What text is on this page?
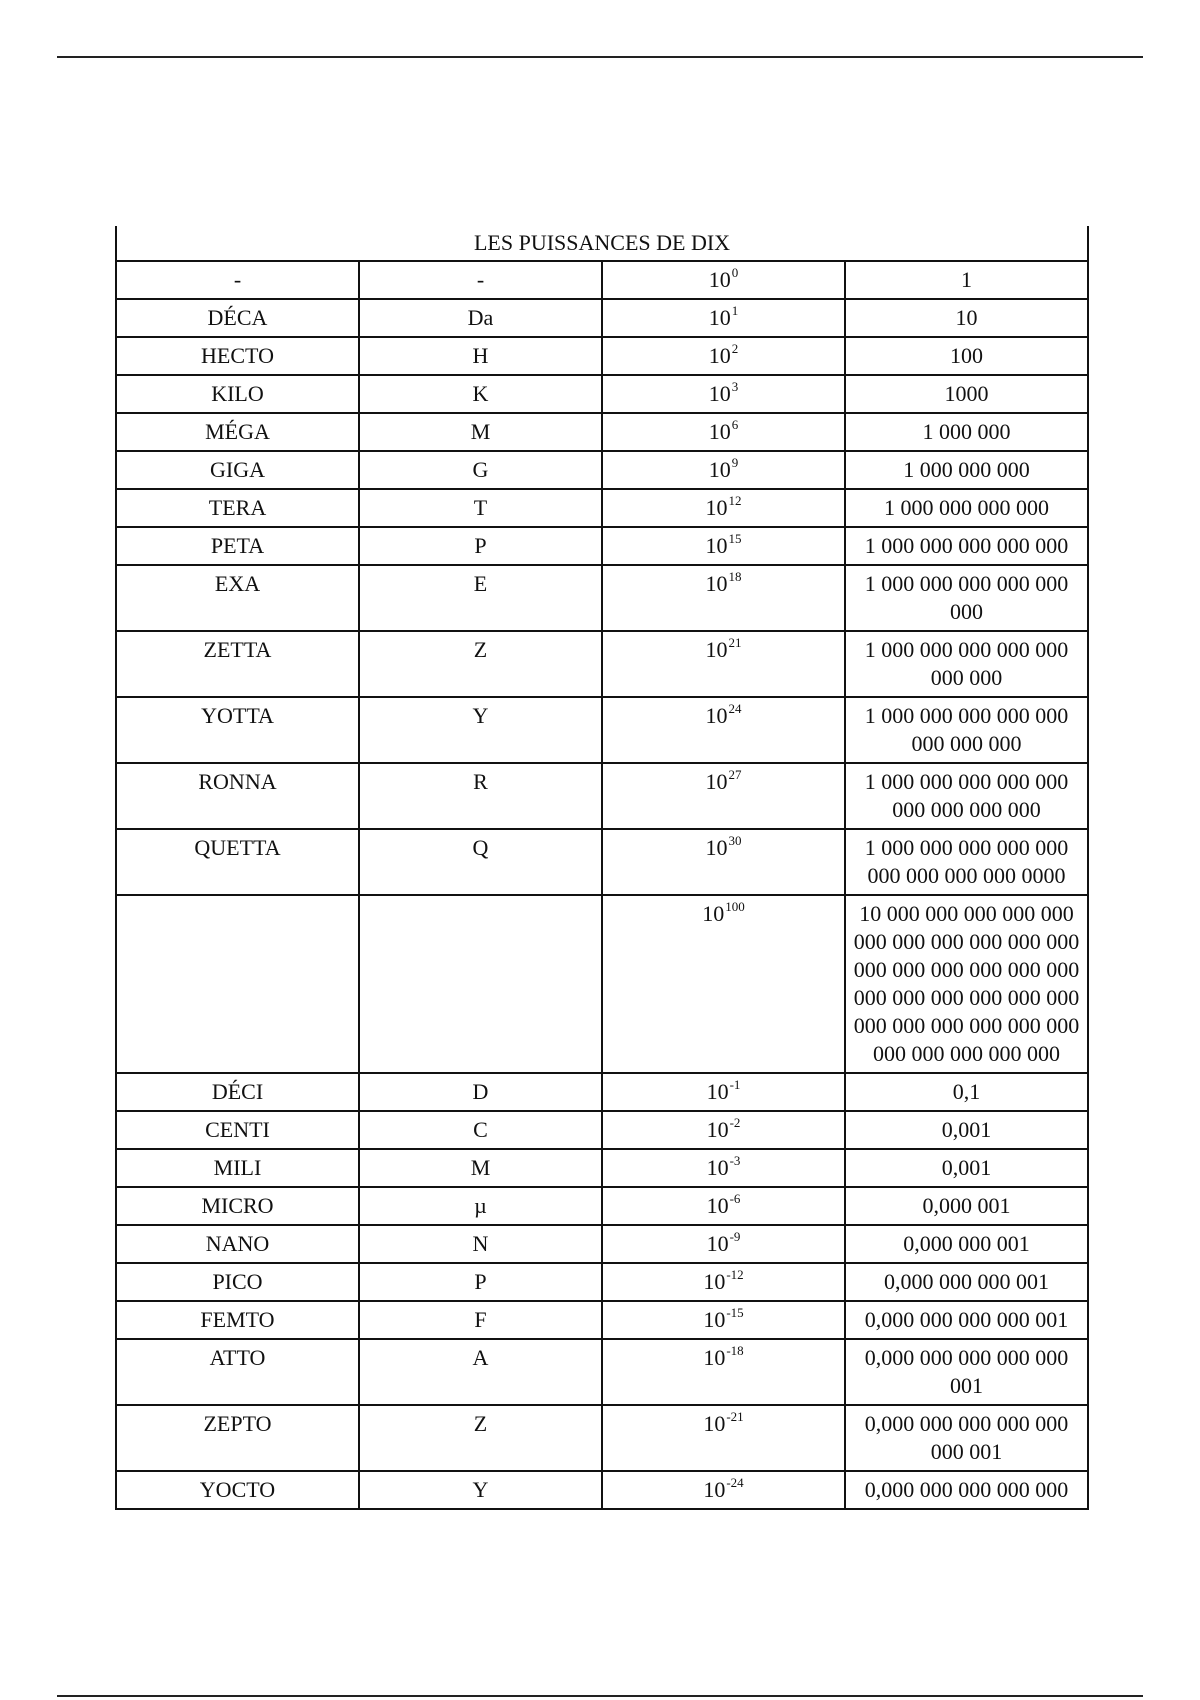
LES PUISSANCES DE DIX			
-	-	$10^0$	1
DÉCA	Da	$10^1$	10
HECTO	H	$10^2$	100
KILO	K	$10^3$	1000
MÉGA	M	$10^6$	1 000 000
GIGA	G	$10^9$	1 000 000 000
TERA	T	$10^{12}$	1 000 000 000 000
PETA	P	$10^{15}$	1 000 000 000 000 000
EXA	E	$10^{18}$	1 000 000 000 000 000 000
ZETTA	Z	$10^{21}$	1 000 000 000 000 000 000 000
YOTTA	Y	$10^{24}$	1 000 000 000 000 000 000 000 000
RONNA	R	$10^{27}$	1 000 000 000 000 000 000 000 000 000
QUETTA	Q	$10^{30}$	1 000 000 000 000 000 000 000 000 000 0000
		$10^{100}$	10 000 000 000 000 000 000 000 000 000 000 000 000 000 000 000 000 000 000 000 000 000 000 000 000 000 000 000 000 000 000 000 000 000 000
DÉCI	D	$10^{-1}$	0,1
CENTI	C	$10^{-2}$	0,001
MILI	M	$10^{-3}$	0,001
MICRO	µ	$10^{-6}$	0,000 001
NANO	N	$10^{-9}$	0,000 000 001
PICO	P	$10^{-12}$	0,000 000 000 001
FEMTO	F	$10^{-15}$	0,000 000 000 000 001
ATTO	A	$10^{-18}$	0,000 000 000 000 000 001
ZEPTO	Z	$10^{-21}$	0,000 000 000 000 000 000 001
YOCTO	Y	$10^{-24}$	0,000 000 000 000 000
